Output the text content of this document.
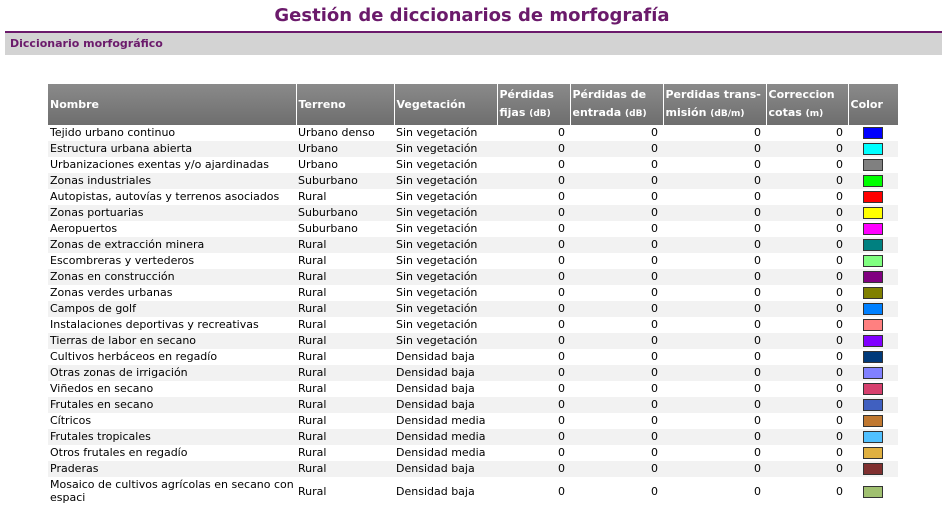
Gestión de diccionarios de morfografía
Diccionario morfográfico
Nombre	Terreno	Vegetación	Pérdidas fijas (dB)	Pérdidas de entrada (dB)	Perdidas trans-misión (dB/m)	Correccion cotas (m)	Color
Tejido urbano continuo	Urbano denso	Sin vegetación	0	0	0	0	
Estructura urbana abierta	Urbano	Sin vegetación	0	0	0	0	
Urbanizaciones exentas y/o ajardinadas	Urbano	Sin vegetación	0	0	0	0	
Zonas industriales	Suburbano	Sin vegetación	0	0	0	0	
Autopistas, autovías y terrenos asociados	Rural	Sin vegetación	0	0	0	0	
Zonas portuarias	Suburbano	Sin vegetación	0	0	0	0	
Aeropuertos	Suburbano	Sin vegetación	0	0	0	0	
Zonas de extracción minera	Rural	Sin vegetación	0	0	0	0	
Escombreras y vertederos	Rural	Sin vegetación	0	0	0	0	
Zonas en construcción	Rural	Sin vegetación	0	0	0	0	
Zonas verdes urbanas	Rural	Sin vegetación	0	0	0	0	
Campos de golf	Rural	Sin vegetación	0	0	0	0	
Instalaciones deportivas y recreativas	Rural	Sin vegetación	0	0	0	0	
Tierras de labor en secano	Rural	Sin vegetación	0	0	0	0	
Cultivos herbáceos en regadío	Rural	Densidad baja	0	0	0	0	
Otras zonas de irrigación	Rural	Densidad baja	0	0	0	0	
Viñedos en secano	Rural	Densidad baja	0	0	0	0	
Frutales en secano	Rural	Densidad baja	0	0	0	0	
Cítricos	Rural	Densidad media	0	0	0	0	
Frutales tropicales	Rural	Densidad media	0	0	0	0	
Otros frutales en regadío	Rural	Densidad media	0	0	0	0	
Praderas	Rural	Densidad baja	0	0	0	0	
Mosaico de cultivos agrícolas en secano con espaci	Rural	Densidad baja	0	0	0	0	
